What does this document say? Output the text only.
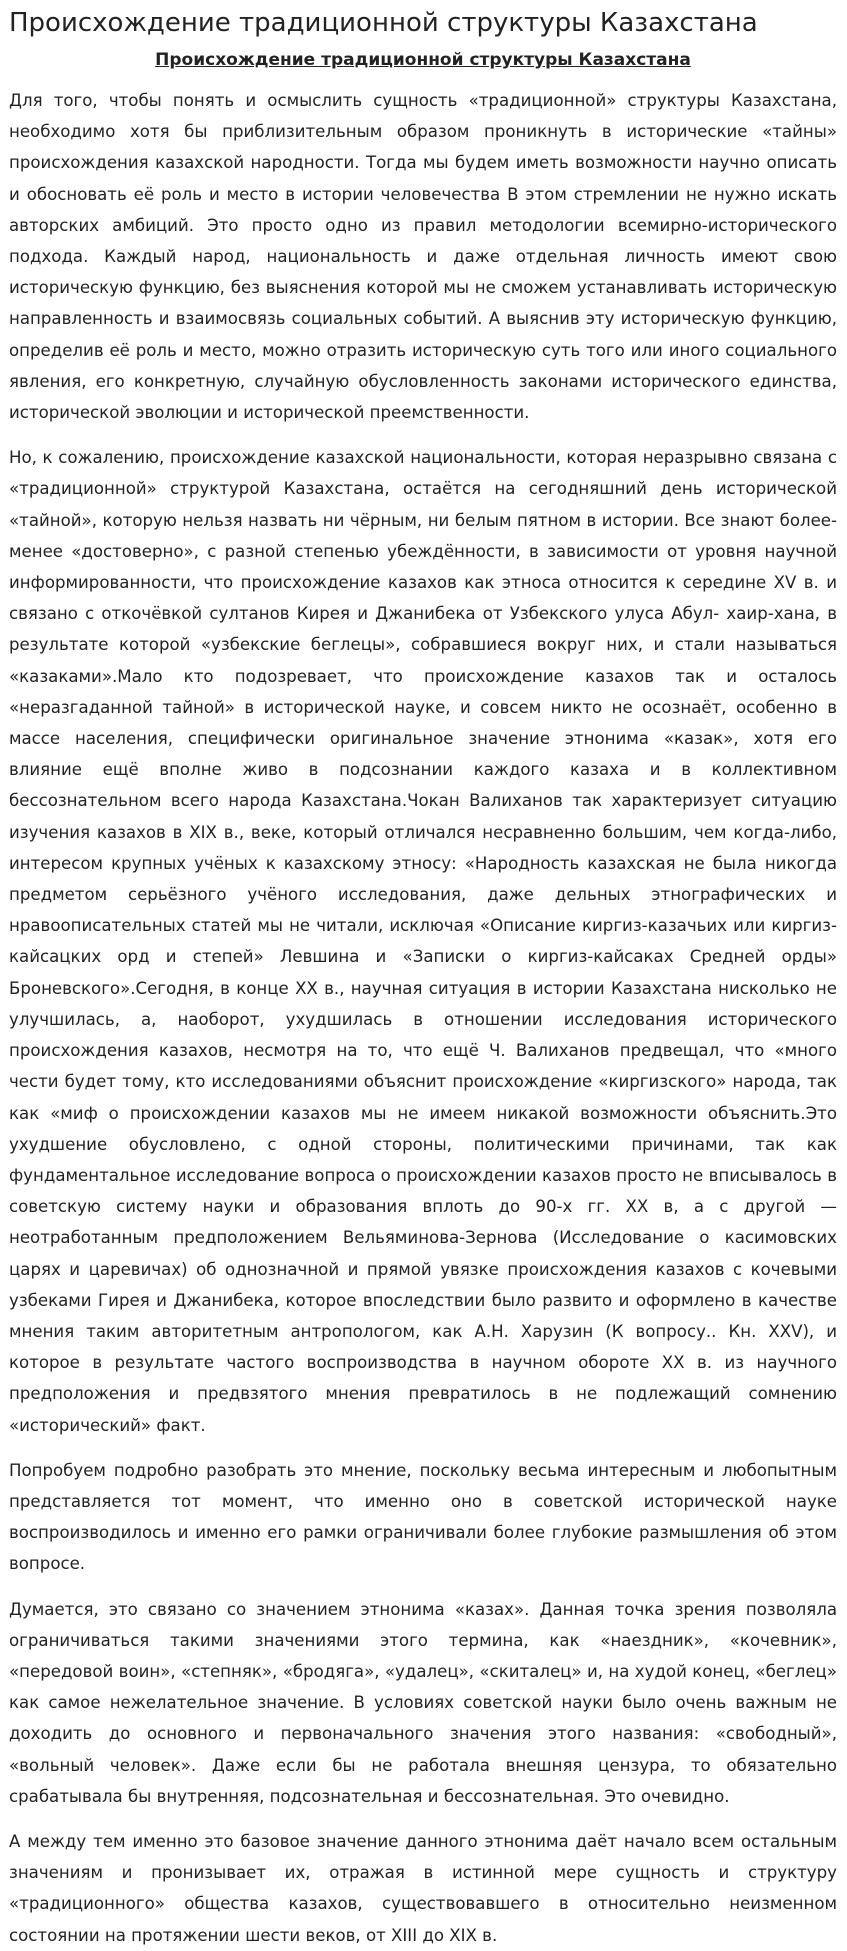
Происхождение традиционной структуры Казахстана
Происхождение традиционной структуры Казахстана

Для того, чтобы понять и осмыслить сущность «традиционной» структуры Казахстана, необходимо хотя бы приблизительным образом проникнуть в исторические «тайны» происхождения казахской народности. Тогда мы будем иметь возможности научно описать и обосновать её роль и место в истории человечества В этом стремлении не нужно искать авторских амбиций. Это просто одно из правил методологии всемирно-исторического подхода. Каждый народ, национальность и даже отдельная личность имеют свою историческую функцию, без выяснения которой мы не сможем устанавливать историческую направленность и взаимосвязь социальных событий. А выяснив эту историческую функцию, определив её роль и место, можно отразить историческую суть того или иного социального явления, его конкретную, случайную обусловленность законами исторического единства, исторической эволюции и исторической преемственности.

Но, к сожалению, происхождение казахской национальности, которая неразрывно связана с «традиционной» структурой Казахстана, остаётся на сегодняшний день исторической «тайной», которую нельзя назвать ни чёрным, ни белым пятном в истории. Все знают более-менее «достоверно», с разной степенью убеждённости, в зависимости от уровня научной информированности, что происхождение казахов как этноса относится к середине XV в. и связано с откочёвкой султанов Кирея и Джанибека от Узбекского улуса Абул- хаир-хана, в результате которой «узбекские беглецы», собравшиеся вокруг них, и стали называться «казаками».Мало кто подозревает, что происхождение казахов так и осталось «неразгаданной тайной» в исторической науке, и совсем никто не осознаёт, особенно в массе населения, специфически оригинальное значение этнонима «казак», хотя его влияние ещё вполне живо в подсознании каждого казаха и в коллективном бессознательном всего народа Казахстана.Чокан Валиханов так характеризует ситуацию изучения казахов в XIX в., веке, который отличался несравненно большим, чем когда-либо, интересом крупных учёных к казахскому этносу: «Народность казахская не была никогда предметом серьёзного учёного исследования, даже дельных этнографических и нравоописательных статей мы не читали, исключая «Описание киргиз-казачьих или киргиз-кайсацких орд и степей» Левшина и «Записки о киргиз-кайсаках Средней орды» Броневского».Сегодня, в конце XX в., научная ситуация в истории Казахстана нисколько не улучшилась, а, наоборот, ухудшилась в отношении исследования исторического происхождения казахов, несмотря на то, что ещё Ч. Валиханов предвещал, что «много чести будет тому, кто исследованиями объяснит происхождение «киргизского» народа, так как «миф о происхождении казахов мы не имеем никакой возможности объяснить.Это ухудшение обусловлено, с одной стороны, политическими причинами, так как фундаментальное исследование вопроса о происхождении казахов просто не вписывалось в советскую систему науки и образования вплоть до 90-х гг. XX в, а с другой — неотработанным предположением Вельяминова-Зернова (Исследование о касимовских царях и царевичах) об однозначной и прямой увязке происхождения казахов с кочевыми узбеками Гирея и Джанибека, которое впоследствии было развито и оформлено в качестве мнения таким авторитетным антропологом, как А.Н. Харузин (К вопросу.. Кн. XXV), и которое в результате частого воспроизводства в научном обороте XX в. из научного предположения и предвзятого мнения превратилось в не подлежащий сомнению «исторический» факт.

Попробуем подробно разобрать это мнение, поскольку весьма интересным и любопытным представляется тот момент, что именно оно в советской исторической науке воспроизводилось и именно его рамки ограничивали более глубокие размышления об этом вопросе.

Думается, это связано со значением этнонима «казах». Данная точка зрения позволяла ограничиваться такими значениями этого термина, как «наездник», «кочевник», «передовой воин», «степняк», «бродяга», «удалец», «скиталец» и, на худой конец, «беглец» как самое нежелательное значение. В условиях советской науки было очень важным не доходить до основного и первоначального значения этого названия: «свободный», «вольный человек». Даже если бы не работала внешняя цензура, то обязательно срабатывала бы внутренняя, подсознательная и бессознательная. Это очевидно.

А между тем именно это базовое значение данного этнонима даёт начало всем остальным значениям и пронизывает их, отражая в истинной мере сущность и структуру «традиционного» общества казахов, существовавшего в относительно неизменном состоянии на протяжении шести веков, от XIII до XIX в.
